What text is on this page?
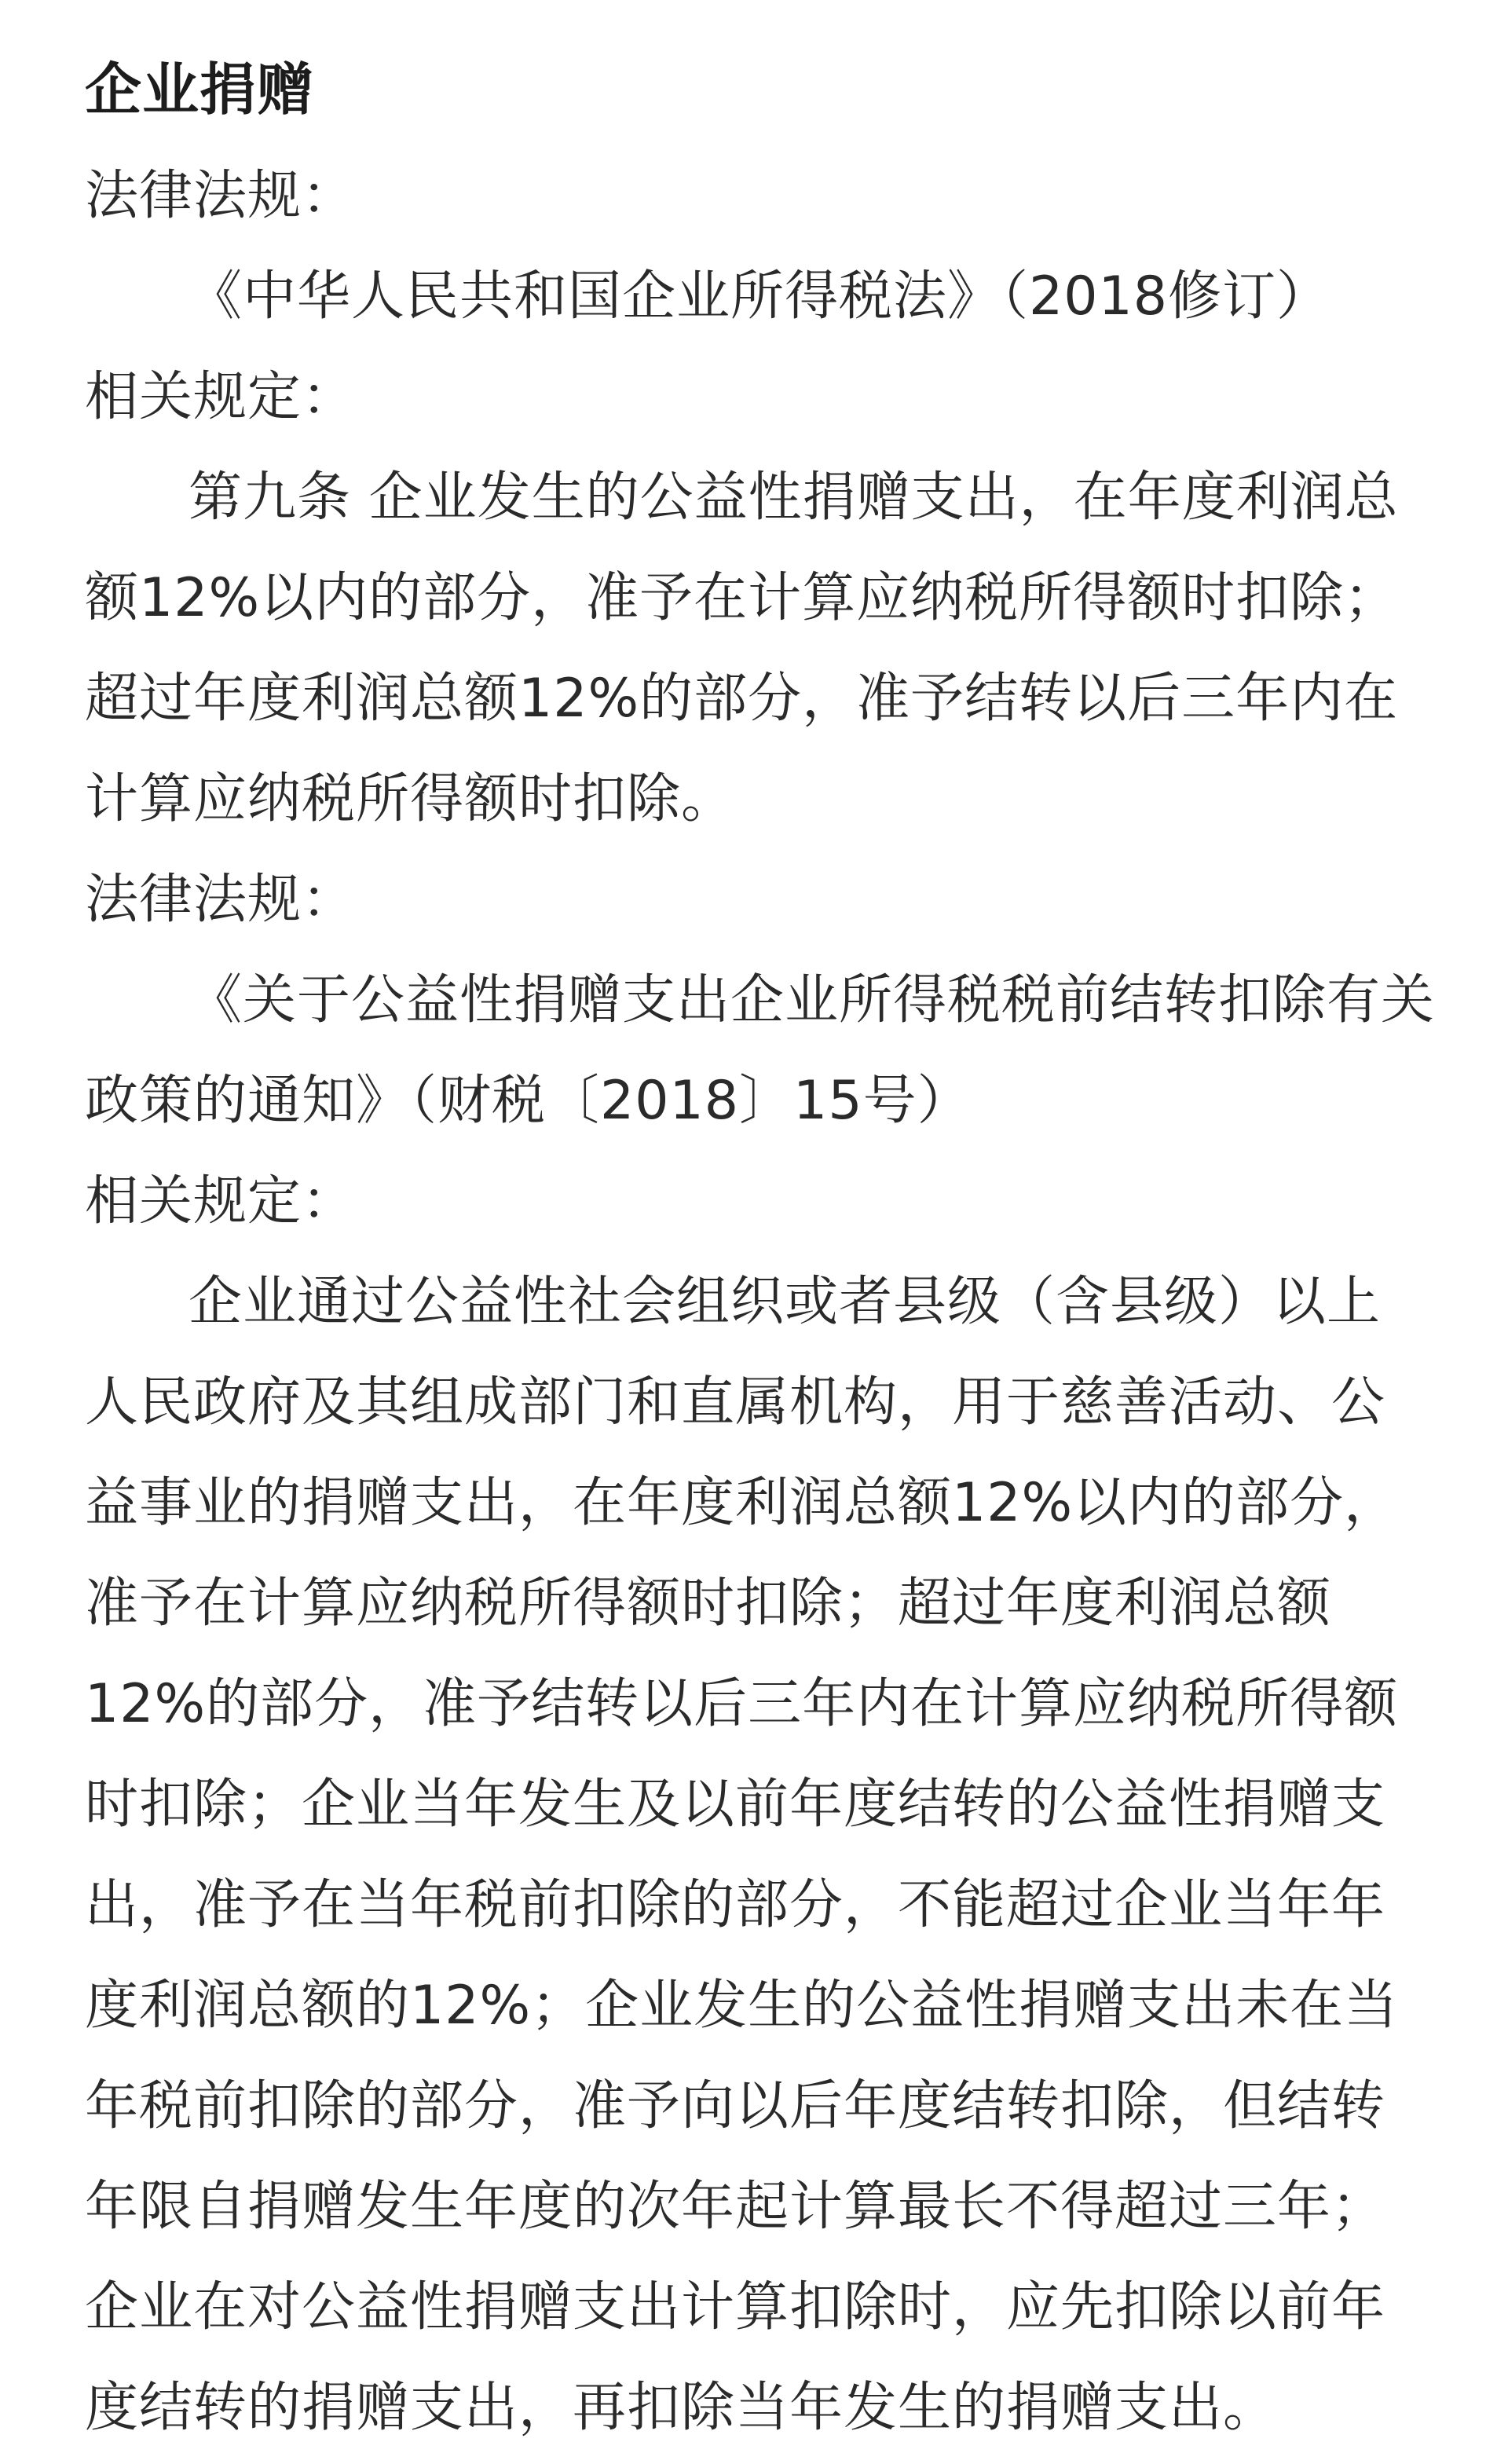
企业捐赠

法律法规：

《中华人民共和国企业所得税法》（2018修订）

相关规定：

第九条 企业发生的公益性捐赠支出，在年度利润总

额12%以内的部分，准予在计算应纳税所得额时扣除；

超过年度利润总额12%的部分，准予结转以后三年内在

计算应纳税所得额时扣除。

法律法规：

《关于公益性捐赠支出企业所得税税前结转扣除有关

政策的通知》（财税〔2018〕15号）

相关规定：

企业通过公益性社会组织或者县级（含县级）以上

人民政府及其组成部门和直属机构，用于慈善活动、公

益事业的捐赠支出，在年度利润总额12%以内的部分，

准予在计算应纳税所得额时扣除；超过年度利润总额

12%的部分，准予结转以后三年内在计算应纳税所得额

时扣除；企业当年发生及以前年度结转的公益性捐赠支

出，准予在当年税前扣除的部分，不能超过企业当年年

度利润总额的12%；企业发生的公益性捐赠支出未在当

年税前扣除的部分，准予向以后年度结转扣除，但结转

年限自捐赠发生年度的次年起计算最长不得超过三年；

企业在对公益性捐赠支出计算扣除时，应先扣除以前年

度结转的捐赠支出，再扣除当年发生的捐赠支出。
